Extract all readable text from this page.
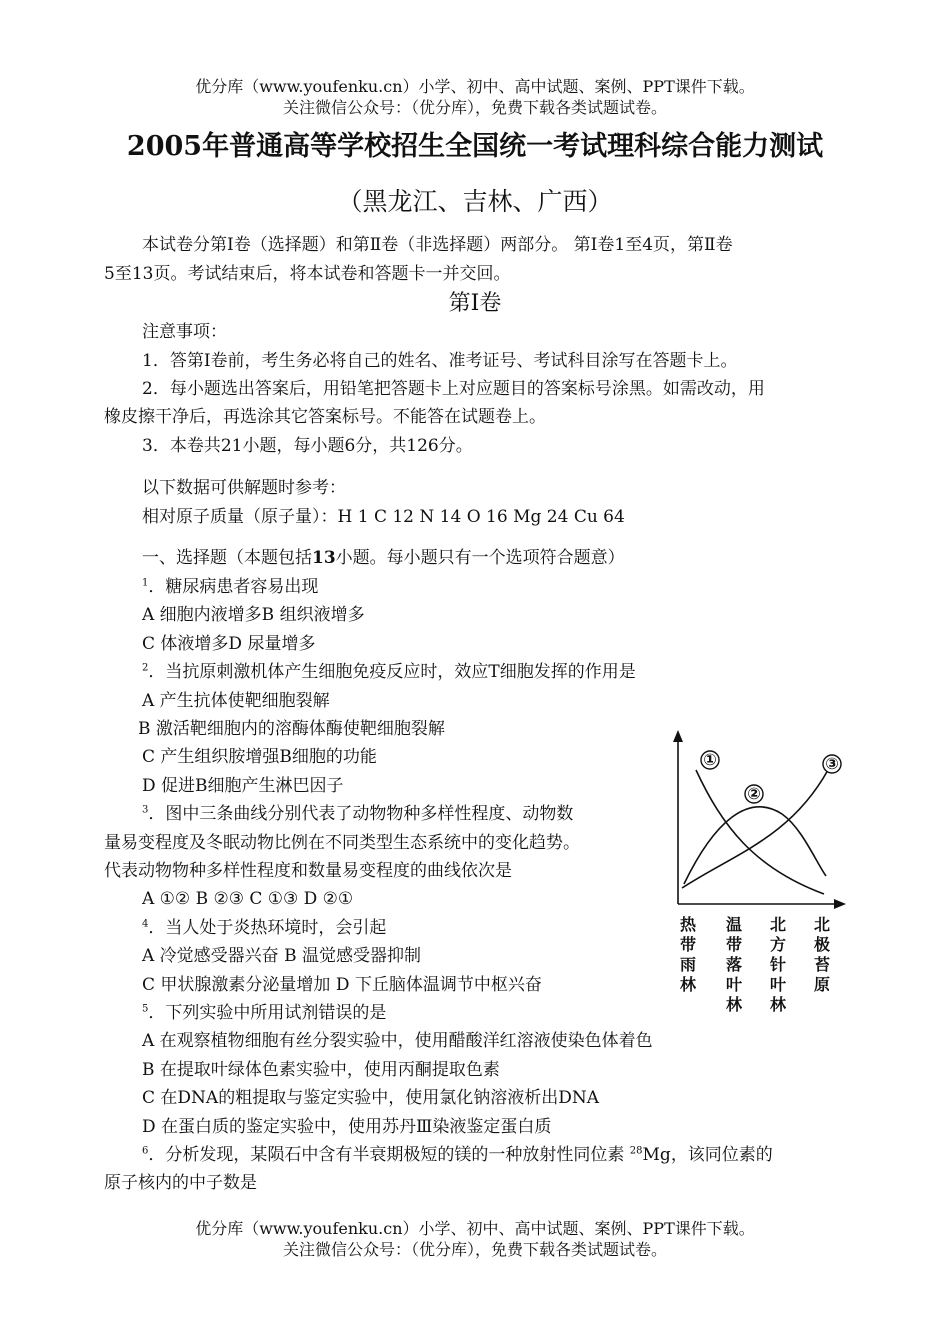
优分库（www.youfenku.cn）小学、初中、高中试题、案例、PPT课件下载。
关注微信公众号：（优分库），免费下载各类试题试卷。
2005年普通高等学校招生全国统一考试理科综合能力测试
（黑龙江、吉林、广西）
本试卷分第Ⅰ卷（选择题）和第Ⅱ卷（非选择题）两部分。 第Ⅰ卷1至4页，第Ⅱ卷
5至13页。考试结束后，将本试卷和答题卡一并交回。
第I卷
注意事项：
1．答第I卷前，考生务必将自己的姓名、准考证号、考试科目涂写在答题卡上。
2．每小题选出答案后，用铅笔把答题卡上对应题目的答案标号涂黑。如需改动，用
橡皮擦干净后，再选涂其它答案标号。不能答在试题卷上。
3．本卷共21小题，每小题6分，共126分。
以下数据可供解题时参考：
相对原子质量（原子量）：H 1 C 12 N 14 O 16 Mg 24 Cu 64
一、选择题（本题包括13小题。每小题只有一个选项符合题意）
$^1$．糖尿病患者容易出现
A 细胞内液增多B 组织液增多
C 体液增多D 尿量增多
$^2$．当抗原刺激机体产生细胞免疫反应时，效应T细胞发挥的作用是
A 产生抗体使靶细胞裂解
B 激活靶细胞内的溶酶体酶使靶细胞裂解
C 产生组织胺增强B细胞的功能
D 促进B细胞产生淋巴因子
$^3$．图中三条曲线分别代表了动物物种多样性程度、动物数
量易变程度及冬眠动物比例在不同类型生态系统中的变化趋势。
代表动物物种多样性程度和数量易变程度的曲线依次是
A ①② B ②③ C ①③ D ②①
$^4$．当人处于炎热环境时，会引起
A 冷觉感受器兴奋 B 温觉感受器抑制
C 甲状腺激素分泌量增加 D 下丘脑体温调节中枢兴奋
$^5$．下列实验中所用试剂错误的是
A 在观察植物细胞有丝分裂实验中，使用醋酸洋红溶液使染色体着色
B 在提取叶绿体色素实验中，使用丙酮提取色素
C 在DNA的粗提取与鉴定实验中，使用氯化钠溶液析出DNA
D 在蛋白质的鉴定实验中，使用苏丹Ⅲ染液鉴定蛋白质
$^6$．分析发现，某陨石中含有半衰期极短的镁的一种放射性同位素 $^{28}$Mg，该同位素的
原子核内的中子数是
①
②
③
热
带
雨
林
温
带
落
叶
林
北
方
针
叶
林
北
极
苔
原
优分库（www.youfenku.cn）小学、初中、高中试题、案例、PPT课件下载。
关注微信公众号：（优分库），免费下载各类试题试卷。
